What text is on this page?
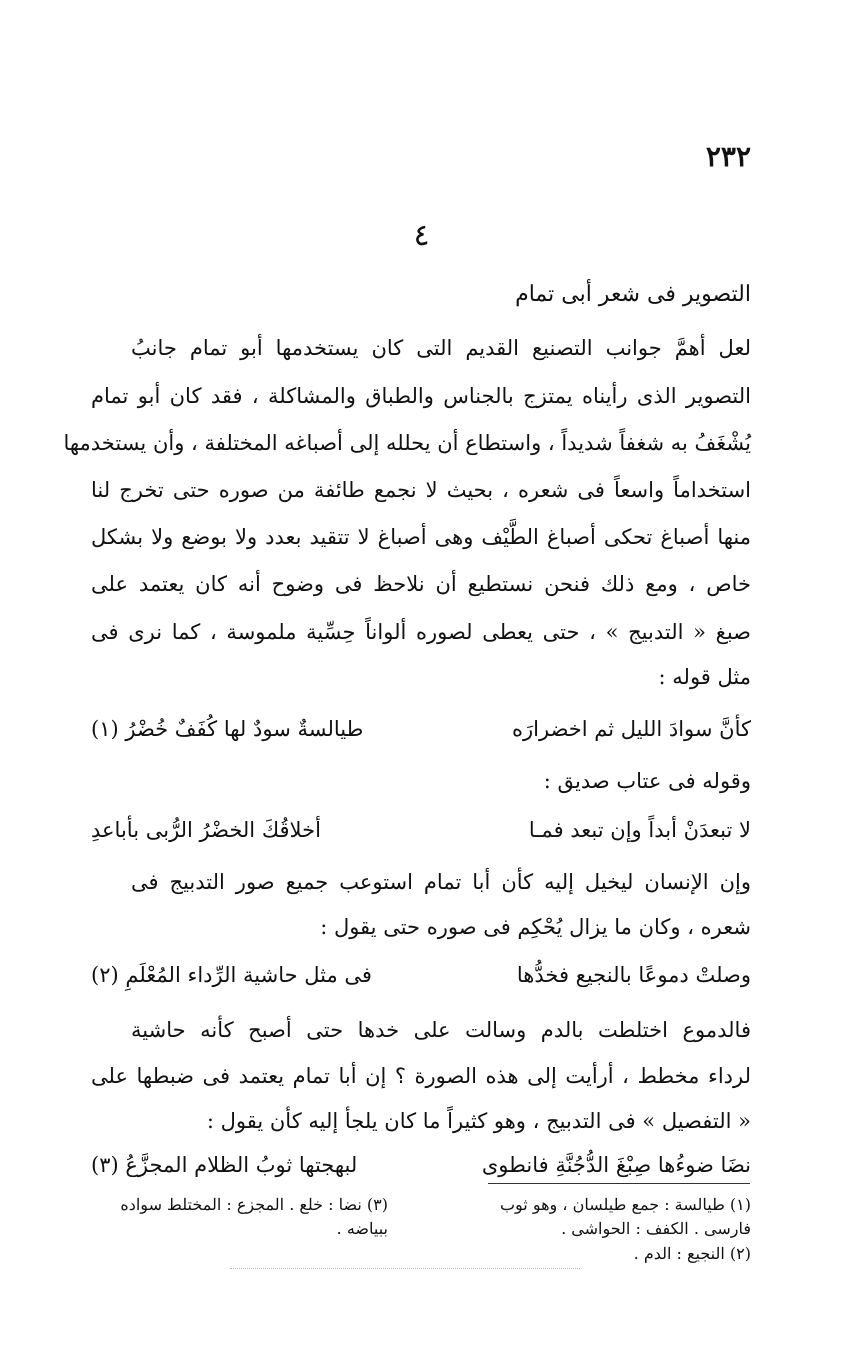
٢٣٢
٤
التصوير فى شعر أبى تمام
لعل أهمَّ جوانب التصنيع القديم التى كان يستخدمها أبو تمام جانبُ
التصوير الذى رأيناه يمتزج بالجناس والطباق والمشاكلة ، فقد كان أبو تمام
يُشْغَفُ به شغفاً شديداً ، واستطاع أن يحلله إلى أصباغه المختلفة ، وأن يستخدمها
استخداماً واسعاً فى شعره ، بحيث لا نجمع طائفة من صوره حتى تخرج لنا
منها أصباغ تحكى أصباغ الطَّيْف وهى أصباغ لا تتقيد بعدد ولا بوضع ولا بشكل
خاص ، ومع ذلك فنحن نستطيع أن نلاحظ فى وضوح أنه كان يعتمد على
صبغ « التدبيج » ، حتى يعطى لصوره ألواناً حِسِّية ملموسة ، كما نرى فى
مثل قوله :
كأنَّ سوادَ الليل ثم اخضرارَه
طيالسةٌ سودٌ لها كُفَفٌ خُضْرُ (١)
وقوله فى عتاب صديق :
لا تبعدَنْ أبداً وإن تبعد فمـا
أخلاقُكَ الخضْرُ الرُّبى بأباعدِ
وإن الإنسان ليخيل إليه كأن أبا تمام استوعب جميع صور التدبيج فى
شعره ، وكان ما يزال يُحْكِم فى صوره حتى يقول :
وصلتْ دموعًا بالنجيع فخدُّها
فى مثل حاشية الرِّداء المُعْلَمِ (٢)
فالدموع اختلطت بالدم وسالت على خدها حتى أصبح كأنه حاشية
لرداء مخطط ، أرأيت إلى هذه الصورة ؟ إن أبا تمام يعتمد فى ضبطها على
« التفصيل » فى التدبيج ، وهو كثيراً ما كان يلجأ إليه كأن يقول :
نضَا ضوءُها صِبْغَ الدُّجُنَّةِ فانطوى
لبهجتها ثوبُ الظلام المجزَّعُ (٣)
(١) طيالسة : جمع طيلسان ، وهو ثوب
فارسى . الكفف : الحواشى .
(٢) النجيع : الدم .
(٣) نضا : خلع . المجزع : المختلط سواده
ببياضه .
